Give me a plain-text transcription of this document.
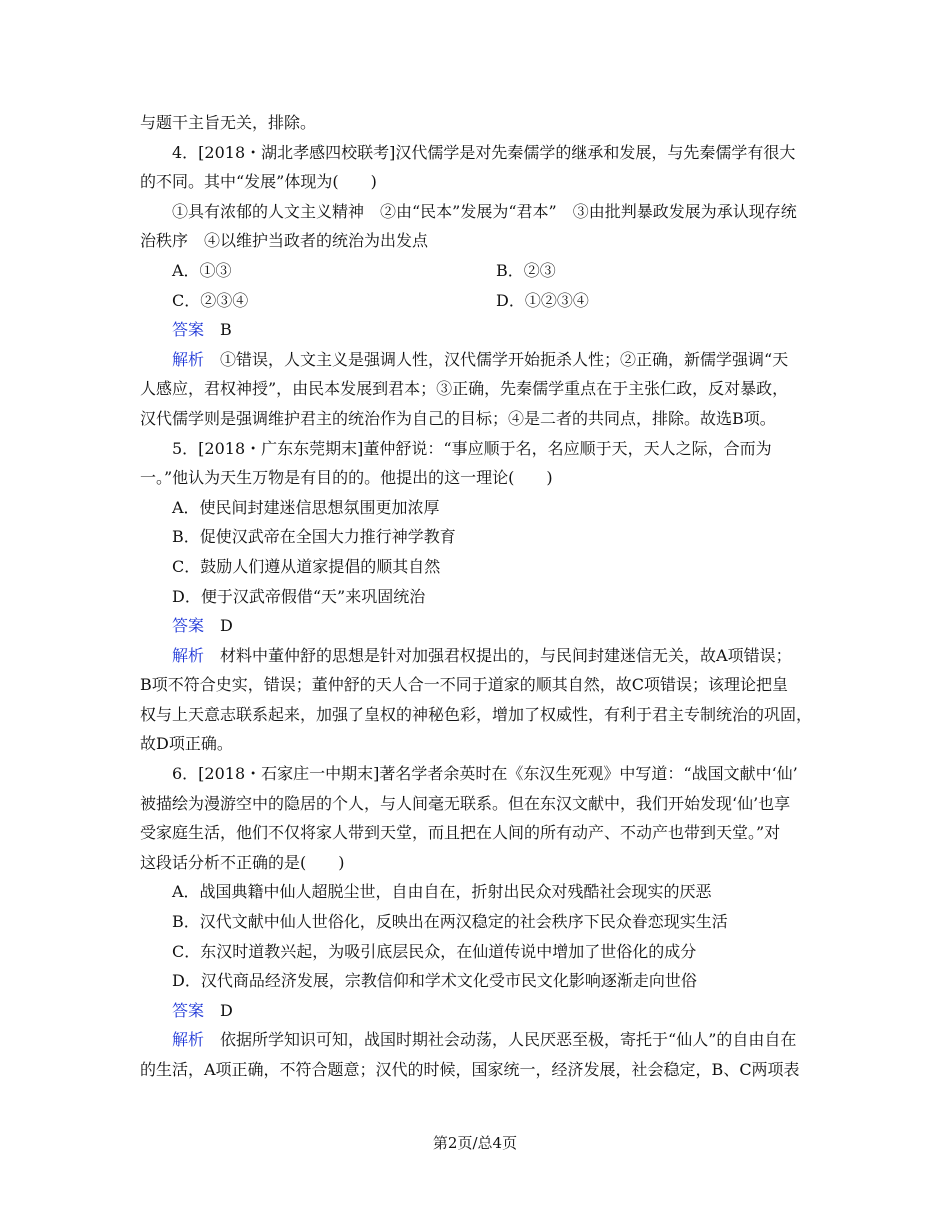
与题干主旨无关，排除。
4．[2018・湖北孝感四校联考]汉代儒学是对先秦儒学的继承和发展，与先秦儒学有很大
的不同。其中“发展”体现为(　　)
①具有浓郁的人文主义精神　②由“民本”发展为“君本”　③由批判暴政发展为承认现存统
治秩序　④以维护当政者的统治为出发点
A．①③	B．②③
C．②③④	D．①②③④
答案 B
解析 ①错误，人文主义是强调人性，汉代儒学开始扼杀人性；②正确，新儒学强调“天
人感应，君权神授”，由民本发展到君本；③正确，先秦儒学重点在于主张仁政，反对暴政，
汉代儒学则是强调维护君主的统治作为自己的目标；④是二者的共同点，排除。故选B项。
5．[2018・广东东莞期末]董仲舒说：“事应顺于名，名应顺于天，天人之际，合而为
一。”他认为天生万物是有目的的。他提出的这一理论(　　)
A．使民间封建迷信思想氛围更加浓厚
B．促使汉武帝在全国大力推行神学教育
C．鼓励人们遵从道家提倡的顺其自然
D．便于汉武帝假借“天”来巩固统治
答案 D
解析 材料中董仲舒的思想是针对加强君权提出的，与民间封建迷信无关，故A项错误；
B项不符合史实，错误；董仲舒的天人合一不同于道家的顺其自然，故C项错误；该理论把皇
权与上天意志联系起来，加强了皇权的神秘色彩，增加了权威性，有利于君主专制统治的巩固，
故D项正确。
6．[2018・石家庄一中期末]著名学者余英时在《东汉生死观》中写道：“战国文献中‘仙’
被描绘为漫游空中的隐居的个人，与人间毫无联系。但在东汉文献中，我们开始发现‘仙’也享
受家庭生活，他们不仅将家人带到天堂，而且把在人间的所有动产、不动产也带到天堂。”对
这段话分析不正确的是(　　)
A．战国典籍中仙人超脱尘世，自由自在，折射出民众对残酷社会现实的厌恶
B．汉代文献中仙人世俗化，反映出在两汉稳定的社会秩序下民众眷恋现实生活
C．东汉时道教兴起，为吸引底层民众，在仙道传说中增加了世俗化的成分
D．汉代商品经济发展，宗教信仰和学术文化受市民文化影响逐渐走向世俗
答案 D
解析 依据所学知识可知，战国时期社会动荡，人民厌恶至极，寄托于“仙人”的自由自在
的生活，A项正确，不符合题意；汉代的时候，国家统一，经济发展，社会稳定，B、C两项表
第2页/总4页
